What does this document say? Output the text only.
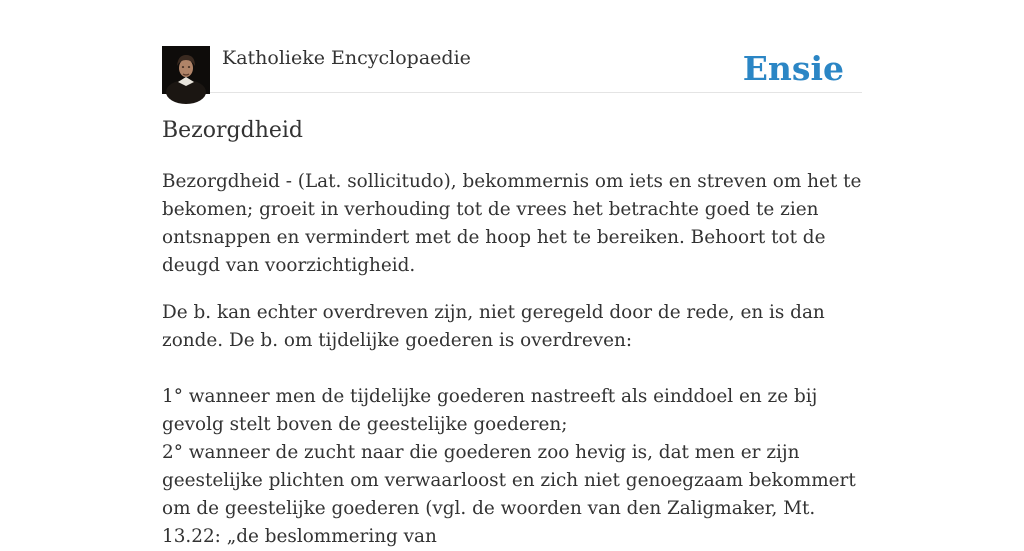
Katholieke Encyclopaedie	Ensie
Bezorgdheid

Bezorgdheid - (Lat. sollicitudo), bekommernis om iets en streven om het te bekomen; groeit in verhouding tot de vrees het betrachte goed te zien ontsnappen en vermindert met de hoop het te bereiken. Behoort tot de deugd van voorzichtigheid.

De b. kan echter overdreven zijn, niet geregeld door de rede, en is dan zonde. De b. om tijdelijke goederen is overdreven:

1° wanneer men de tijdelijke goederen nastreeft als einddoel en ze bij gevolg stelt boven de geestelijke goederen;
2° wanneer de zucht naar die goederen zoo hevig is, dat men er zijn geestelijke plichten om verwaarloost en zich niet genoegzaam bekommert om de geestelijke goederen (vgl. de woorden van den Zaligmaker, Mt. 13.22: „de beslommering van
